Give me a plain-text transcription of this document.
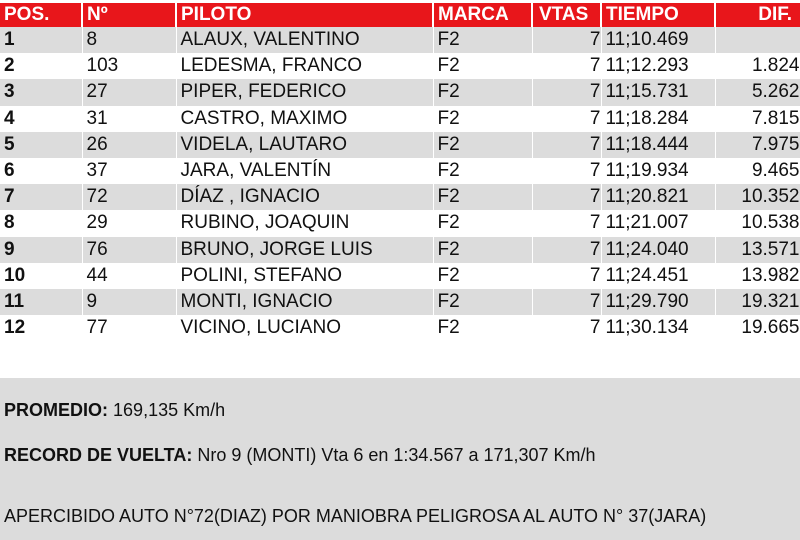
POS.	Nº	PILOTO	MARCA	VTAS	TIEMPO	DIF.
1	8	ALAUX, VALENTINO	F2	7	11;10.469	
2	103	LEDESMA, FRANCO	F2	7	11;12.293	1.824
3	27	PIPER, FEDERICO	F2	7	11;15.731	5.262
4	31	CASTRO, MAXIMO	F2	7	11;18.284	7.815
5	26	VIDELA, LAUTARO	F2	7	11;18.444	7.975
6	37	JARA, VALENTÍN	F2	7	11;19.934	9.465
7	72	DÍAZ , IGNACIO	F2	7	11;20.821	10.352
8	29	RUBINO, JOAQUIN	F2	7	11;21.007	10.538
9	76	BRUNO, JORGE LUIS	F2	7	11;24.040	13.571
10	44	POLINI, STEFANO	F2	7	11;24.451	13.982
11	9	MONTI, IGNACIO	F2	7	11;29.790	19.321
12	77	VICINO, LUCIANO	F2	7	11;30.134	19.665
PROMEDIO: 169,135 Km/h
RECORD DE VUELTA: Nro 9 (MONTI) Vta 6 en 1:34.567 a 171,307 Km/h
APERCIBIDO AUTO N°72(DIAZ) POR MANIOBRA PELIGROSA AL AUTO N° 37(JARA)
